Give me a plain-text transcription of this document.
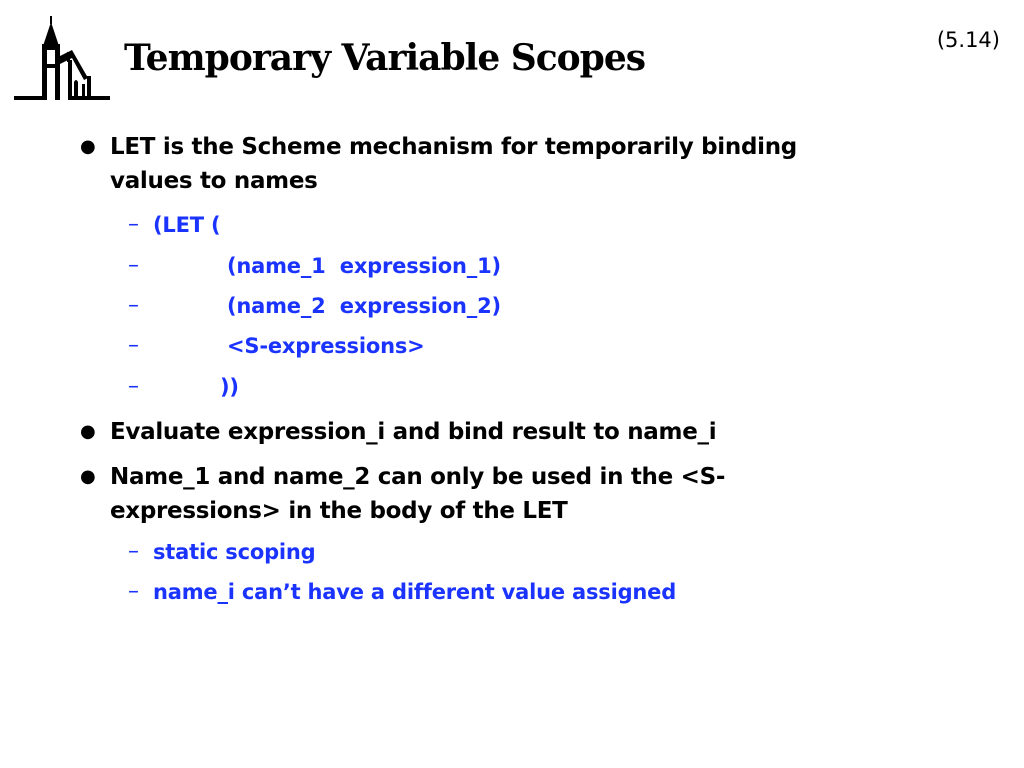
Temporary Variable Scopes	(5.14)
● LET is the Scheme mechanism for temporarily binding values to names

–

(LET (

–

	(name_1  expression_1)

–

	(name_2  expression_2)

–

	<S-expressions>

–

	))

● Evaluate expression_i and bind result to name_i
● Name_1 and name_2 can only be used in the <S-expressions> in the body of the LET

–

static scoping

–

name_i can’t have a different value assigned
